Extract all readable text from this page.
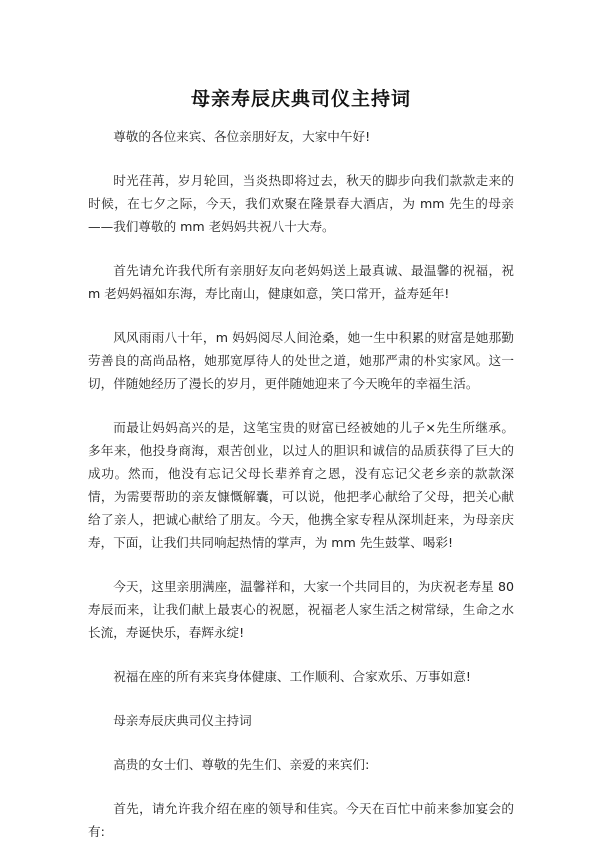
母亲寿辰庆典司仪主持词

尊敬的各位来宾、各位亲朋好友，大家中午好!

时光荏苒，岁月轮回，当炎热即将过去，秋天的脚步向我们款款走来的时候，在七夕之际，今天，我们欢聚在隆景春大酒店，为 mm 先生的母亲——我们尊敬的 mm 老妈妈共祝八十大寿。

首先请允许我代所有亲朋好友向老妈妈送上最真诚、最温馨的祝福，祝 m 老妈妈福如东海，寿比南山，健康如意，笑口常开，益寿延年!

风风雨雨八十年，m 妈妈阅尽人间沧桑，她一生中积累的财富是她那勤劳善良的高尚品格，她那宽厚待人的处世之道，她那严肃的朴实家风。这一切，伴随她经历了漫长的岁月，更伴随她迎来了今天晚年的幸福生活。

而最让妈妈高兴的是，这笔宝贵的财富已经被她的儿子×先生所继承。多年来，他投身商海，艰苦创业，以过人的胆识和诚信的品质获得了巨大的成功。然而，他没有忘记父母长辈养育之恩，没有忘记父老乡亲的款款深情，为需要帮助的亲友慷慨解囊，可以说，他把孝心献给了父母，把关心献给了亲人，把诚心献给了朋友。今天，他携全家专程从深圳赶来，为母亲庆寿，下面，让我们共同响起热情的掌声，为 mm 先生鼓掌、喝彩!

今天，这里亲朋满座，温馨祥和，大家一个共同目的，为庆祝老寿星 80 寿辰而来，让我们献上最衷心的祝愿，祝福老人家生活之树常绿，生命之水长流，寿诞快乐，春辉永绽!

祝福在座的所有来宾身体健康、工作顺利、合家欢乐、万事如意!

母亲寿辰庆典司仪主持词

高贵的女士们、尊敬的先生们、亲爱的来宾们:

首先，请允许我介绍在座的领导和佳宾。今天在百忙中前来参加宴会的有:
